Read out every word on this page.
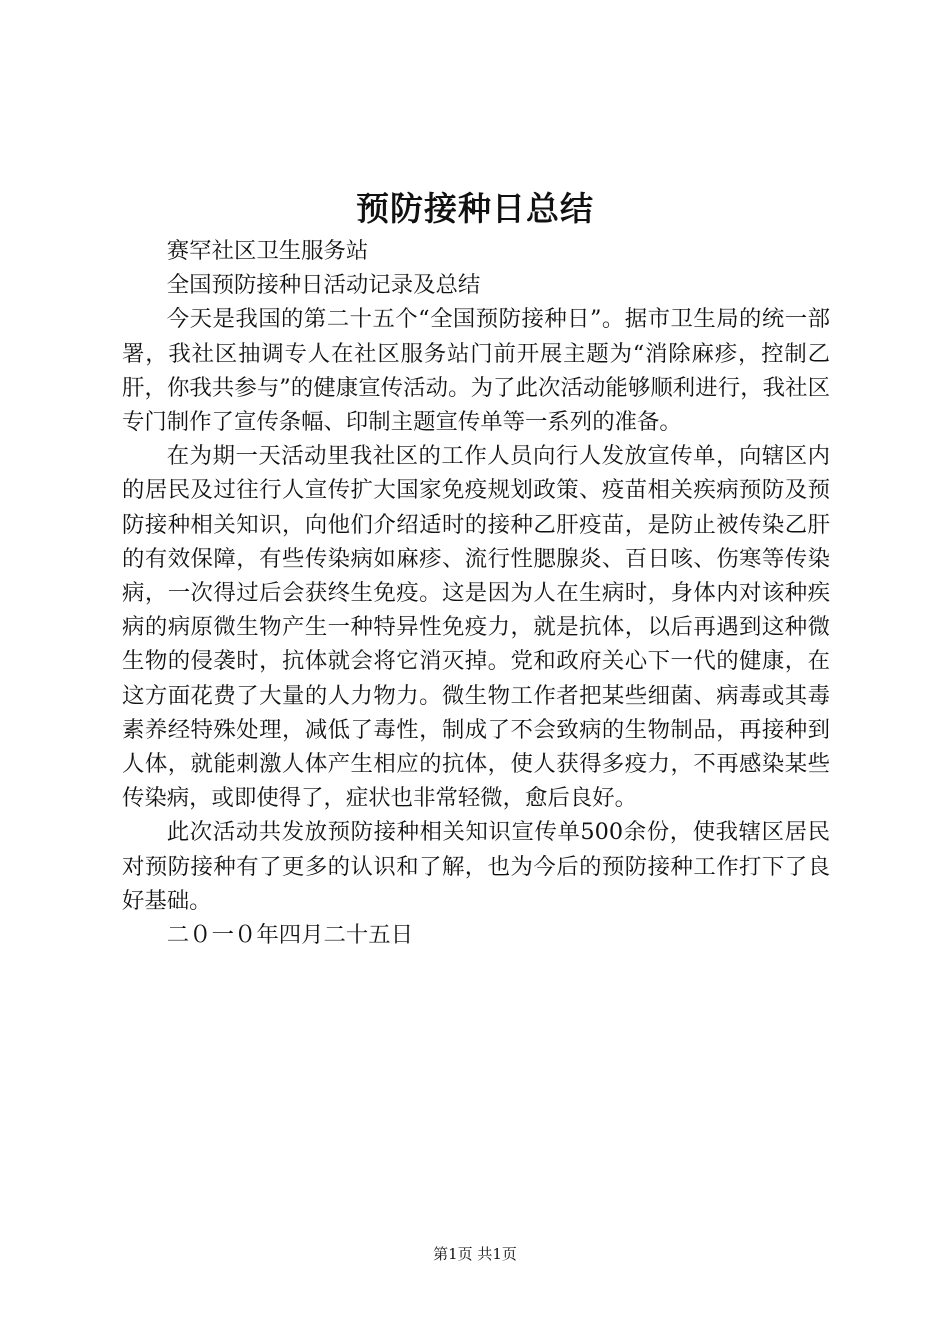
预防接种日总结

赛罕社区卫生服务站

全国预防接种日活动记录及总结

今天是我国的第二十五个“全国预防接种日”。据市卫生局的统一部署，我社区抽调专人在社区服务站门前开展主题为“消除麻疹，控制乙肝，你我共参与”的健康宣传活动。为了此次活动能够顺利进行，我社区专门制作了宣传条幅、印制主题宣传单等一系列的准备。

在为期一天活动里我社区的工作人员向行人发放宣传单，向辖区内的居民及过往行人宣传扩大国家免疫规划政策、疫苗相关疾病预防及预防接种相关知识，向他们介绍适时的接种乙肝疫苗，是防止被传染乙肝的有效保障，有些传染病如麻疹、流行性腮腺炎、百日咳、伤寒等传染病，一次得过后会获终生免疫。这是因为人在生病时，身体内对该种疾病的病原微生物产生一种特异性免疫力，就是抗体，以后再遇到这种微生物的侵袭时，抗体就会将它消灭掉。党和政府关心下一代的健康，在这方面花费了大量的人力物力。微生物工作者把某些细菌、病毒或其毒素养经特殊处理，减低了毒性，制成了不会致病的生物制品，再接种到人体，就能刺激人体产生相应的抗体，使人获得多疫力，不再感染某些传染病，或即使得了，症状也非常轻微，愈后良好。

此次活动共发放预防接种相关知识宣传单500余份，使我辖区居民对预防接种有了更多的认识和了解，也为今后的预防接种工作打下了良好基础。

二０一０年四月二十五日

第1页 共1页
